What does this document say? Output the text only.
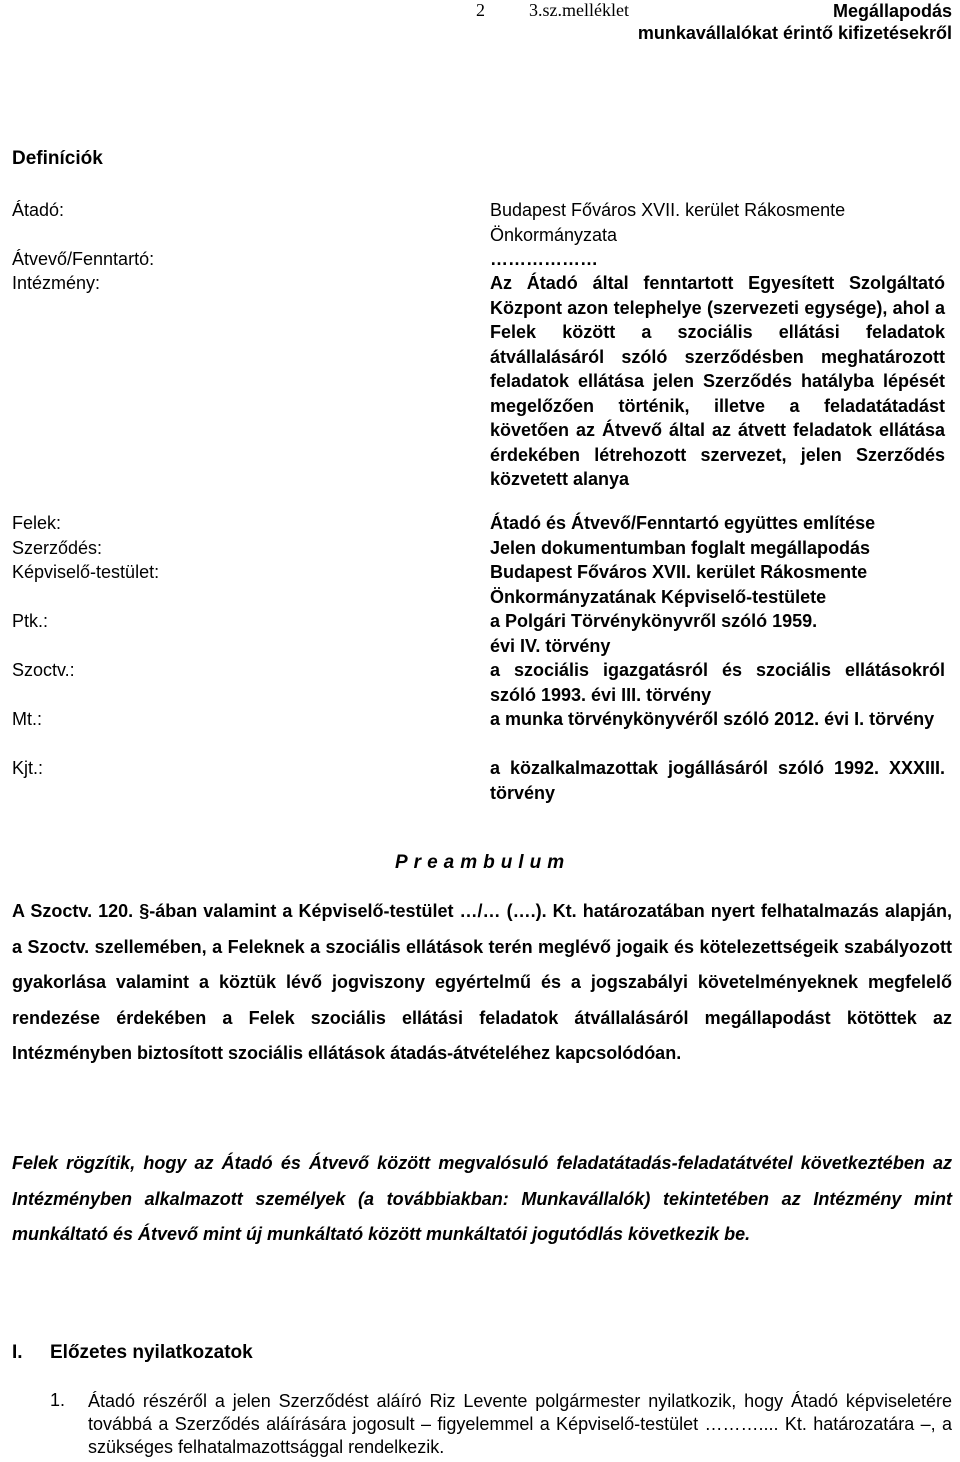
2 3.sz.melléklet	Megállapodás
munkavállalókat érintő kifizetésekről
Definíciók
Átadó:	Budapest Főváros XVII. kerület Rákosmente Önkormányzata
Átvevő/Fenntartó:	………………
Intézmény:	Az Átadó által fenntartott Egyesített Szolgáltató Központ azon telephelye (szervezeti egysége), ahol a Felek között a szociális ellátási feladatok átvállalásáról szóló szerződésben meghatározott feladatok ellátása jelen Szerződés hatályba lépését megelőzően történik, illetve a feladatátadást követően az Átvevő által az átvett feladatok ellátása érdekében létrehozott szervezet, jelen Szerződés közvetett alanya
Felek:	Átadó és Átvevő/Fenntartó együttes említése
Szerződés:	Jelen dokumentumban foglalt megállapodás
Képviselő-testület:	Budapest Főváros XVII. kerület Rákosmente Önkormányzatának Képviselő-testülete
Ptk.:	a Polgári Törvénykönyvről szóló 1959. évi IV. törvény
Szoctv.:	a szociális igazgatásról és szociális ellátásokról szóló 1993. évi III. törvény
Mt.:	a munka törvénykönyvéről szóló 2012. évi I. törvény
Kjt.:	a közalkalmazottak jogállásáról szóló 1992. XXXIII. törvény
Preambulum
A Szoctv. 120. §-ában valamint a Képviselő-testület …/… (….). Kt. határozatában nyert felhatalmazás alapján, a Szoctv. szellemében, a Feleknek a szociális ellátások terén meglévő jogaik és kötelezettségeik szabályozott gyakorlása valamint a köztük lévő jogviszony egyértelmű és a jogszabályi követelményeknek megfelelő rendezése érdekében a Felek szociális ellátási feladatok átvállalásáról megállapodást kötöttek az Intézményben biztosított szociális ellátások átadás-átvételéhez kapcsolódóan.
Felek rögzítik, hogy az Átadó és Átvevő között megvalósuló feladatátadás-feladatátvétel következtében az Intézményben alkalmazott személyek (a továbbiakban: Munkavállalók) tekintetében az Intézmény mint munkáltató és Átvevő mint új munkáltató között munkáltatói jogutódlás következik be.
I. Előzetes nyilatkozatok
1. Átadó részéről a jelen Szerződést aláíró Riz Levente polgármester nyilatkozik, hogy Átadó képviseletére továbbá a Szerződés aláírására jogosult – figyelemmel a Képviselő-testület ……….... Kt. határozatára –, a szükséges felhatalmazottsággal rendelkezik.
